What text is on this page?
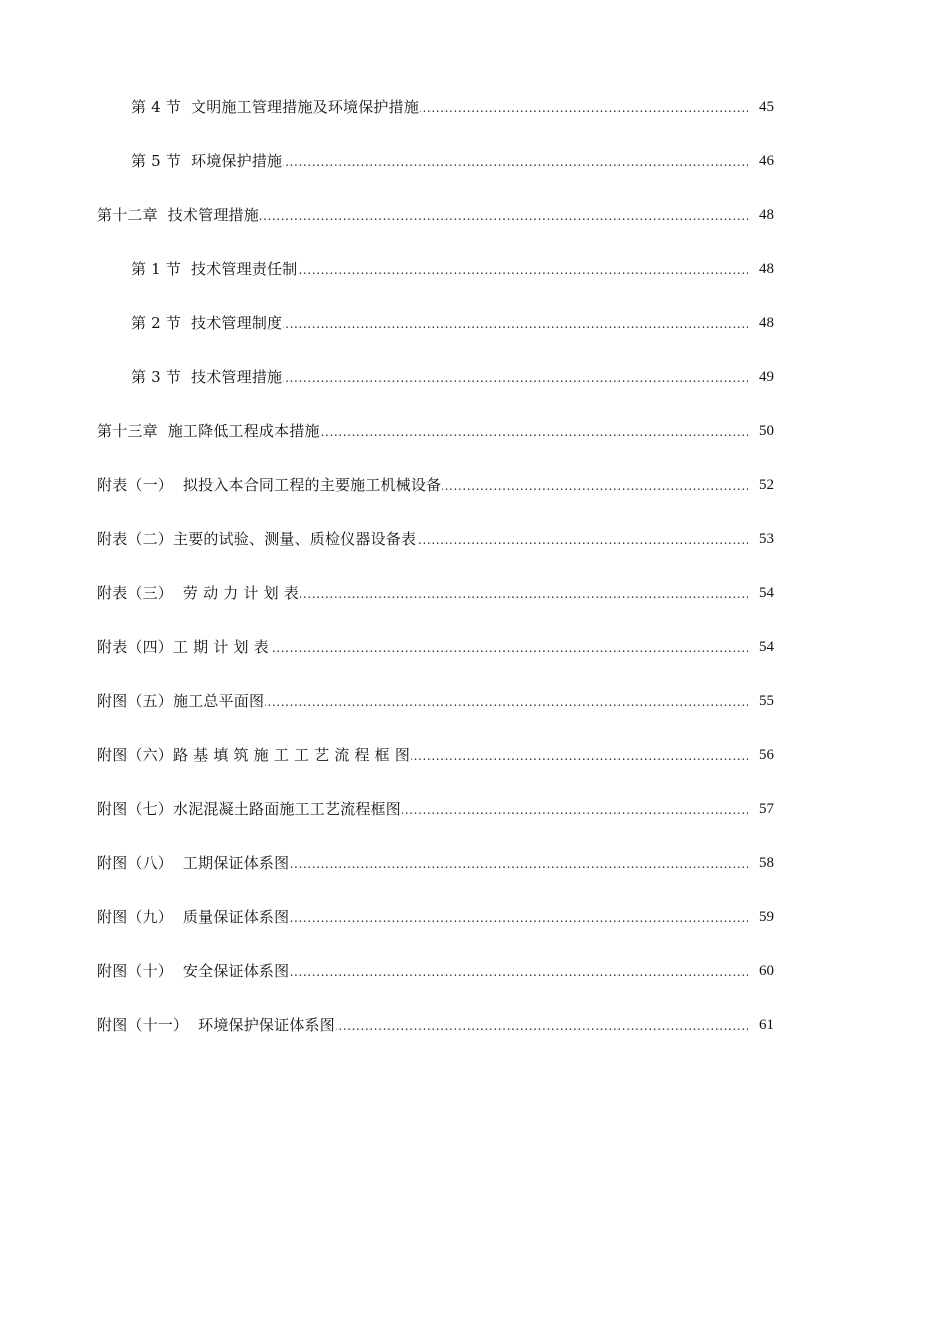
第 4 节  文明施工管理措施及环境保护措施 . . .	45
第 5 节  环境保护措施 . . .	46
第十二章  技术管理措施 . . .	48
第 1 节  技术管理责任制 . . .	48
第 2 节  技术管理制度 . . .	48
第 3 节  技术管理措施 . . .	49
第十三章  施工降低工程成本措施 . . .	50
附表（一）  拟投入本合同工程的主要施工机械设备 . . .	52
附表（二）主要的试验、测量、质检仪器设备表 . . .	53
附表（三）  劳 动 力 计 划 表 . . .	54
附表（四）工 期 计 划 表 . . .	54
附图（五）施工总平面图 . . .	55
附图（六）路 基 填 筑 施 工 工 艺 流 程 框 图 . . .	56
附图（七）水泥混凝土路面施工工艺流程框图 . . .	57
附图（八）  工期保证体系图 . . .	58
附图（九）  质量保证体系图 . . .	59
附图（十）  安全保证体系图 . . .	60
附图（十一）  环境保护保证体系图 . . .	61
